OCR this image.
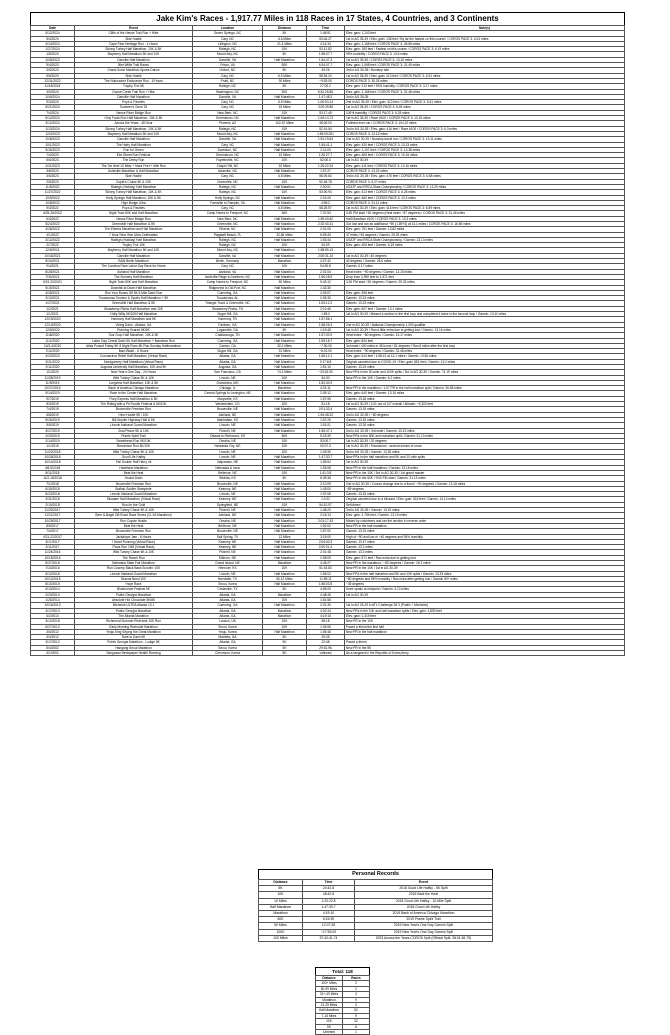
Jake Kim's Races - 1,917.77 Miles in 118 Races in 17 States, 4 Countries, and 3 Continents
Date	Event	Location	Distance	Time	Note(s)
5/12/2024	Cliffs of the Neuse Trail Run + Hike	Seven Springs, NC	5K	1:48:51	Elev. gain: 1,243 feet
5/4/2024	Side Hustle	Cary, NC	6.5 Miles	53:46.27	1st in AG 35-39 / Elev. gain: 138 feet / By far the fastest on this course! / COROS PACE 3: 6.51 miles
4/14/2024	Cape Fear Heritage Run - 4 Hours	Lillington, NC	21.4 Miles	4:14:34	Elev. gain: 1,168 feet / COROS PACE 3: 45.85 miles
1/27/2024	Skinny Turkey Half Marathon, 10K & 5K	Raleigh, NC	10K	53:12.82	Elev. gain: 189 feet / Fastest on this course / COROS PACE 3: 6.19 miles
1/8/2024	Mayberry Half Marathon 5K and 10K	Mount Airy, NC	5K	1:58:07.7	99% humidity / COROS PACE 3: 13.6 miles
10/8/2023	Danville Half Marathon	Danville, VA	Half Marathon	1:54:47.3	1st in AG 35-39 / COROS PACE 3: 13.15 miles
9/4/2023	Wet Willie Trail Races	Frisco, VA	50K	6:34:07.7	Elev. gain: 1,068 feet / COROS PACE 3: 31.49 miles
3/5/2023	Grand Sonic Marathon Sports Dance	Oxford, NC	5K	53:26	3rd in AG 30-39 / Nonstop ride
5/8/2023	Side Hustle	Cary, NC	6.5 Miles	58:54.24	1st in AG 35-39 / Elev. gain: 413 feet / COROS PACE 3: 6.51 miles
12/31/2022	The Nutcracker Endurance Run - 6 Hours	Pruitt, NC	30 Miles	~5:53:00	COROS PACE 3: 30.25 miles
11/18/2024	Trophy Trot 5K	Raleigh, NC	5K	27:00.2	Elev. gain: 213 feet / 93% humidity / COROS PACE 3: 3.17 miles
4/9/2024	Goose Creek Trail Run + Hike	Washington, NC	50K	6:42:26.86	Elev. gain: 1,168 feet / COROS PACE 3: 31.48 miles
10/5/2024	Danville Half Marathon	Danville, VA	Half Marathon	1:47:48.2	3rd in AG 35-39
9/3/2024	Pups & Pastries	Cary, NC	6.5 Miles	1:00:53.14	2nd in AG 35-39 / Elev. gain: 413 feet / COROS PACE 3: 6.51 miles
8/21/2024	Summer's Gone 15	Cary, NC	15 Miles	3:00:39.85	1st in AG 35-39 / COROS PACE 3: 6.49 miles
7/4/2024	Neuse River Bridge Run	New Bern, NC	10K	53:17.45	100% humidity / COROS PACE 3: 6.28 miles
6/12/2024	Only Fools Run Half Marathon, 10K & 5K	Greensboro, NC	Half Marathon	1:54:14.73	1st in AG 35-39 / Race #100 / COROS PACE 3: 13.16 miles
3/12/2024	Across the Years - 48 Hour	Phoenix, AZ	102.22 Miles	48:00:00	Furthest ever run / COROS PACE 3: 104.22 miles
1/13/2024	Skinny Turkey Half Marathon, 10K & 5K	Raleigh, NC	10K	52:16.54	3rd in AG 30-39 / Elev. gain: 416 feet / Race #100 / COROS PACE 3: 6.3 miles
12/3/2023	Mayberry Half Marathon 5K and 10K	Mount Airy, NC	Half Marathon	1:55:09.001	COROS PACE 3: 13.13 miles
10/8/2023	Danville Half Marathon	Danville, VA	Half Marathon	1:51:19.64	2nd in AG 30-39 / Nonstop travel run / COROS PACE 3: 13.11 miles
10/1/2023	The Hairy Half Marathon	Cary, NC	Half Marathon	1:54:41.1	Elev. gain: 420 feet / COROS PACE 3: 13.23 miles
9/30/2023	Run for Green	Davidson, NC	Half Marathon	2:11:03	Elev. gain: 1,107 feet / COROS PACE 3: 13.38 miles
7/4/2023	Elm Street Run Festival	Greensboro, NC	10 Miles	1:30:27.7	Elev. gain: 465 feet / COROS PACE 3: 10.16 miles
5/6/2023	The Derby Run	Fayetteville, NC	10K	52:00.0	1st in AG 30-39
4/21/2023	The Tar Heel 10 Miler + Mark Feet + Mile Run	Chapel Hill, NC	10 Miles	1:25:22.24	Elev. gain: 411 feet / COROS PACE 3: 10.16 miles
3/8/2023	Asheville Marathon & Half Marathon	Asheville, NC	Half Marathon	1:57:27	COROS PACE 3: 13.22 miles
3/5/2023	Side Hustle	Cary, NC	6.5 Miles	58:09.63	3rd in AG 30-39 / Elev. gain: 476 feet / COROS PACE 3: 6.58 miles
2/5/2023	Cupid's Cruise 5K & 10K	Greenville, NC	10K	52:48.78	COROS PACE 3: 6.27 miles
11/5/2022	Raleigh (Holiday) Half Marathon	Raleigh, NC	Half Marathon	2:00:01	USATF and RRCA State Championship / COROS PACE 3: 13.29 miles
11/27/2022	Skinny Turkey Half Marathon, 10K & 5K	Raleigh, NC	10K	53:00.94	Elev. gain: 413 feet / COROS PACE 3: 6.28 miles
10/9/2022	Holly Springs Half Marathon, 10K & 5K	Holly Springs, NC	Half Marathon	2:01:09	Elev. gain: 460 feet / COROS PACE 3: 13.3 miles
10/8/2022	High Bridge Ultra	Farmville to Pamplin, VA	Half Marathon	4:59:2	COROS PACE 3: 31.11 miles
9/3/2022	Pups & Pastries	Cary, NC	6.5 Miles	58:25.97	1st in AG 30-39 / Elev. gain: 416 feet / COROS PACE 3: 6.59 miles
6/25-26/2022	Night Train 50K and Half Marathon	Camp Hanes to Freeport, NC	50K	7:37:53	3:30 PM start / 90 degrees (Heat index ~87 degrees) / COROS PACE 3: 31.46 miles
6/4/2022	Neuse River Bridge Run	New Bern, NC	Half Marathon	1:59:00.62	Half Marathon #100 / COROS PACE 3: 13.3 miles
5/24/2022	Greenville Half Marathon & 5K	Greenville, NC	Half Marathon	2:32:40.31	Got lost and ran an additional ~9K (1.89+3) at 14.1 miles / COROS PACE 3: 16.98 miles
3/26/2022	The Elberta Marathon and Half Marathon	Elberta, NC	Half Marathon	2:01:06	Elev. gain: 751 feet / Garmin: 13.82 miles
4/1/2022	7 Hour New Year Ultra Celebration	Flagstaff Beach, FL	32.86 Miles	6:59:49	37 miles / 95 degrees / Garmin: 29.25 miles
3/12/2022	Raleigh (Holiday) Half Marathon	Raleigh, NC	Half Marathon	1:53:44	USATF and RRCA State Championship / Garmin: 13.13 miles
2/7/2022	Trophy Trot 10K	Raleigh, NC	10K	54:09	Elev. gain: 406 feet / Garmin: 6.19 miles
12/5/2021	Mayberry Half Marathon 5K and 10K	Mount Airy, NC	Half Marathon	1:58:59.13	
10/16/2021	Danville Half Marathon	Danville, VA	Half Marathon	2:00:31.24	1st in AG 30-39 / 40 degrees
9/24/2021	BAM Berlin Marathon	Berlin, Germany	Marathon	4:07:42	40 degrees / Garmin: 26.6 miles
9/4/2021	The Carolina Pace Labor Day Race for Home	Cary, NC	10K	54:30.8	Garmin: 6.17 miles
8/28/2021	Ashland Half Marathon	Ashland, VA	Half Marathon	2:01:54	Heat index: ~90 degrees / Garmin: 13.15 miles
7/30/2021	The Scenery Half Marathon	Asheville Ridge to Northern, NC	Half Marathon	1:56:28.9	Drop from 3,950 feet to 1,571 feet
6/19-20/2021	Night Train 50K and Half Marathon	Camp Hanes to Freeport, NC	50 Miles	9:43:12	3:30 PM start / 90 degrees / Garmin: 29.33 miles
5/15/2021	Downhill at Down Half Marathon	Ridgecrest to Old Fort, NC	Half Marathon	1:42:30	
4/28/2021	Run Your Bunns Off 5K 6 Mile Dash Run	Cumming, GA	Half Marathon	2:03:07	Elev. gain: 396 feet
3/13/2021	Tuscaloosa Tourism & Sports Half Marathon + 5K	Tuscaloosa, AL	Half Marathon	2:05:30	Garmin: 13.24 miles
1/27/2021	Greenville Half Marathon & 5K	Triangle Track & Greenville, NC	Half Marathon	1:53:12.3	Garmin: 13.23 miles
1/2/2021	Strawberry Plains Half Marathon and 10K	Strawberry Plains, TN	Half Marathon	2:10:46	Elev. gain: 607 feet / Garmin: 13.1 miles
1/1/2021	Chilly Willy 5K/10K/Half Marathon	Sugar Hill, GA	Half Marathon	1:55:0	1st in AG 30-39 / Missed a section in the first loop and completed it twice in the second loop / Garmin: 13.11 miles
12/19/2020	Harmony Half Marathon and 5K	Harmony, TN	Half Marathon	1:57:56.1	
12/13/2020	Viking Dash - Atlanta, GA	Fairburn, GA	Half Marathon	1:58:26.3	2nd in AG 30-39 / National Championship 1,000 qualifier
12/5/2020	Running Scared 8K/5K	Loganville, GA	5K	1:19:48	1st in AG 30-39 / Ran a little extra due to getting lost / Garmin: 13.16 miles
11/8/2020	Tour Drop Half Marathon, 10K & 5K	Chattanooga, TN	Half Marathon	1:57:00.9	Heat index: ~80 degrees / Garmin: 13.17 miles
11/1/2020	Labor Day Cereal Dash 5K Half Marathon + Marathon Run	Cumming, GA	Half Marathon	1:59:18.7	Elev. gain: 834 feet
10/3-4/2020	Atlas Pursuit Friday 5K 8 Night Runs 8K Run Sunday Halfmarathon	Canton, GA	30.2 Miles	~7:30:00	3rd male / 400 miles in 48 hours / 81 degrees / Ran 8 miles after the first loop
7/11/2020	Barn Blast! - 6 Hours	Sugar Hill, GA	31 Miles	~6:01:00	Heat index: ~90 degrees / Garmin: 31.46 miles
4/20/2020	Coronavirus Relief Half Marathon (Virtual Race)	Atlanta, GA	Half Marathon	1:58:14.1	Elev. gain: 614 feet / 1:58:42 at 13.1 miles / Garmin: 13.84 miles
3/21/2020	Montgomery Half Marathon (Virtual Race)	Atlanta, GA	Half Marathon	2:17:8.8	Original canceled due to COVID-19 / Elev. gain: 851 feet / Garmin: 13.2 miles
2/11/2020	Augusta University Half Marathon, 10K and 5K	Augusta, GA	Half Marathon	1:51:10	Garmin: 13.24 miles
1/1/2020	New Year's One Day - 24 Hours	San Francisco, CA	74.3 Miles	~23:15:00	New PRs in the 50-mile and 100K splits / 3rd in AG 30-39 / Garmin: 74.19 miles
11/28/2019	Wild Turkey Chase 5K & 10K	Lincoln, NE	10K	54:30	New PR in the 10K / Garmin: 6.2 miles
11/9/2019	Longview Half Marathon, 10K & 5K	Grandview, MO	Half Marathon	1:52:40.9	
10/27/2019	Bank of America Chicago Marathon	Chicago, IL	Marathon	4:01:11	New PR in the marathon / 1:07 PR in the half marathon split / Garmin: 26.68 miles
9/14/2019	Race to the Center Half Marathon	Central Springs to Lexington, NE	Half Marathon	2:05:12	Elev. gain: 640 feet / Garmin: 13.16 miles
9/7/2019	Pony Express Half Marathon & 5K	Marysville, KS	Half Marathon	1:57:55	Garmin: 13.18 miles
8/3/2019	The Riding with a Pit Foodie Festival & 5K/10K	Westminster, CO	10K	51:18	1st in AG 30-39 / 1:01 out of 117 overall / Altitude: ~5,300 feet
7/4/2019	Brownville Freedom Run	Brownville, NE	Half Marathon	2:01:33.4	Garmin: 13.15 miles
6/8/2019	Hero Hustle 5K / 10K	Ashland, NE	Half Marathon	1:54:48.22	3rd in AG 30-39 / ~80 degrees
5/26/2019	Bill Snyder Highway Half & 5K	Manhattan, KS	Half Marathon	1:57:26	Garmin: 13.15 miles
5/5/2019	Lincoln National Guard Marathon	Lincoln, NE	Half Marathon	1:51:01	Garmin: 13.26 miles
4/27/2019	Zeal Peace 5K & 10K	Pickrell, NE	Half Marathon	1:56:47.1	3rd in AG 30-39 / 3rd male / Garmin: 13.13 miles
4/20/2019	Prairie Spirit Trail	Ottawa to Richmond, KS	50K	5:15:39	New PRs in the 50K and marathon split / Garmin: 31.13 miles
2/14/2019	Sweetheart Run 5K/10K	Omaha, NE	10K	53:00.7	1st in AG 30-39 / 20 degrees
1/1/2019	Resolution Run 5K/10K	Nebraska City, NE	10K	53:07.3	1st in AG 30-39 / Snowstorm - several inches of snow
11/22/2018	Wild Turkey Chase 5K & 10K	Lincoln, NE	10K	1:49:30	3rd in AG 30-39 / Garmin: 13.28 miles
10/28/2018	Good Life Halfsy	Lincoln, NE	Half Marathon	1:47:30.7	New PRs in the half marathon and 5K and 10-mile splits
10/14/2018	Fall Double Half Harry 4k	Valparaiso, NE	Half Marathon	1:55:52	1st in AG 30-39
4/8-9/2018	Heartland Marathon	Nebraska & Iowa	Half Marathon	1:53:08	New PR in the half marathon / Garmin: 13.16 miles
8/11/2018	Beat the Heat	Bellevue, NE	10K	1:41:3.8	New PR in the 10K / 3rd in AG 30-39 / 1st grand master
11/2-18/2018	Hound Dash	Wichita, KS	5K	6:39:36	New PR in the 50K / 9:00 PM start / Garmin: 31.13 miles
7/1/2018	Brownville Freedom Run	Brownville, NE	Half Marathon	2:10:09	2nd in AG 30-39 / Course change due to a flood / ~90 degrees / Garmin: 13.18 miles
6/30/2018	Buffalo Soldier Stampede	Kearney, NE	Half Marathon	1:43:00	~89 degrees
6/23/2018	Lincoln National Guard Marathon	Lincoln, NE	Half Marathon	1:57:08	Garmin: 13.15 miles
3/31/2018	Siloaaen Half Marathon (Virtual Race)	Kearney, NE	Half Marathon	1:0:22	Original canceled due to a blizzard / Elev. gain: 516 feet / Garmin: 13.14 miles
2/10/2018	Run for the Gold	Springfield, NE	10K	54:10.97	Self-timed
11/23/2017	Wild Turkey Chase 5K & 10K	Pickrell, NE	Half Marathon	1:48:20	3rd in AG 30-39 / Garmin: 13.15 miles
11/11/2017	Beer & Bagel Off-Road Race Series (CI-VA Marathon)	Ashland, NE	Half Marathon	2:18:13	Elev. gain: 1,756 feet / Garmin: 13.19 miles
10/29/2017	Run Coyote Hustle	Omaha, NE	Half Marathon	2:01:17.43	Misled by volunteers and ran the section in reverse order
8/5/2017	Beat the Heat	Bellevue, NE	Half Marathon	1:52:02	New PR in the half marathon
7/4/2017	Brownville Freedom Run	Brownville, NE	Half Marathon	1:57:00	Garmin: 13.23 miles
4/21-22/2017	Jackalope Jam - 6 Hours	Salt Spring, TX	12 Miles	3:15:00	High of ~90 and low of ~40 degrees and 95% humidity
3/17/2017	I Heart Running (Virtual Race)	Kearney, NE	Half Marathon	2:04:40.3	Garmin: 13.47 miles
2/11/2017	Pizza Run 10M (Virtual Race)	Kearney, NE	Half Marathon	2:00:01.4	Garmin: 13.2 miles
11/24/2016	Wild Turkey Chase 5K & 10K	Pickrell, NE	Half Marathon	2:01:48	Garmin: 13.3 miles
10/15/2016	The Ranch Run	Elkhorn, NE	Half Marathon	2:08:09	Elev. gain: 571 feet / Ran extra due to getting lost
8/27/2016	Nebraska State Fair Marathon	Grand Island, NE	Marathon	4:45:27	New PR in the marathon / ~80 degrees / Garmin: 26.3 miles
7/24/2016	Run Country Black Bass Scootin' 10K	Hennuer, KS	10K	51:43.83	New PR in the 10K / 1st in AG 30-39
6/12/2016	Lincoln National Guard Marathon	Lincoln, NE	Half Marathon	1:55:02	New PRs in the half marathon and 5K and 10K splits / Garmin: 13.33 miles
10/12/2015	Brazos Bend 100	Needville, TX	50.12 Miles	11:55:11	~80 degrees and 95% humidity / Ran extra after getting lost / Garmin 50+ miles
8/10/2015	Hope Race	Seoul, Korea	Half Marathon	1:58:03.5	~35 degrees
5/10/2014	Bluebonnet Festival 5K	Cedarville, TX	5K	4:55:00	Knee sprain at midpoint / Garmin: 3.13 miles
2/23/2014	Publix Georgia Marathon	Atlanta, GA	Marathon	4:48:49	1st in AG 30-39
1/26/2014	Absolute Hot Chocolate 5K/8K	Atlanta, GA	10K	1:51:58	
10/16/2013	Michelob ULTRA Atlanta 13.1	Cumming, GA	Half Marathon	2:01:30	1st in AG 25-29 in ATL Challenge 39.3 (Publix + Michelob)
3/17/2013	Publix Georgia Marathon	Atlanta, GA	Marathon	4:02:44	New PRs in the 10K and half marathon splits / Elev. gain: 1,839 feet
6/2/2013	The Atlanta Marathon	Atlanta, GA	Marathon	4:19:15	Elev. gain: 1,419 feet
3/12/2018	Richmond Summer Riverside 10K Run	London, UK	10K	58:18	New PR in the 10K
6/27/2013	Early Morning Riverside Marathon	Seoul, Korea	10K	1:06:55	Paced a friend the first half
3/6/2012	Yeoju King Sejong the Great Marathon	Yeoju, Korea	Half Marathon	1:55:48	New PR in the half marathon
3/3/2012	Dare to Dash 5K	Marietta, GA	5K	25:35	
3/17/2012	Publix Georgia Marathon - Ludige 5K	Atlanta, GA	5K	22:48	Paced a friend
5/4/2002	Hangang Seoul Marathon	Seoul, Korea	5K	29:51.96	New PR in the 5K
3/1/2002	Sangusan Newspaper Health Running	Cheorwon, Korea	5K	Untimed	As a sergeant in the Republic of Korea Army
Personal Records
Distance	Time	Event
5K	24:42.8	2018 Good Life Halfsy - 5K Split
10K	48:42.8	2018 Beat the Heat
10 Miles	1:20:22.8	2018 Good Life Halfsy - 10-Mile Split
Half Marathon	1:47:30.7	2018 Good Life Halfsy
Marathon	4:19:10	2019 Bank of America Chicago Marathon
50K	5:15:39	2019 Prairie Spirit Trail
50 Miles	12:07:35	2019 New Year's One Day Garmin Split
100K	~17:53:00	2019 New Year's One Day Garmin Split
100 Miles	37:42:41.74	2023 Across the Years COROS Split (Official Split: 38:01:56.79)
Total: 118
Distance	Races
100+ Miles	2
50-99 Miles	2
31+-49 Miles	3
Marathon	9
21-25 Miles	3
Half Marathon	62
7-15 Miles	9
10K	22
5K	8
Untimed	1
